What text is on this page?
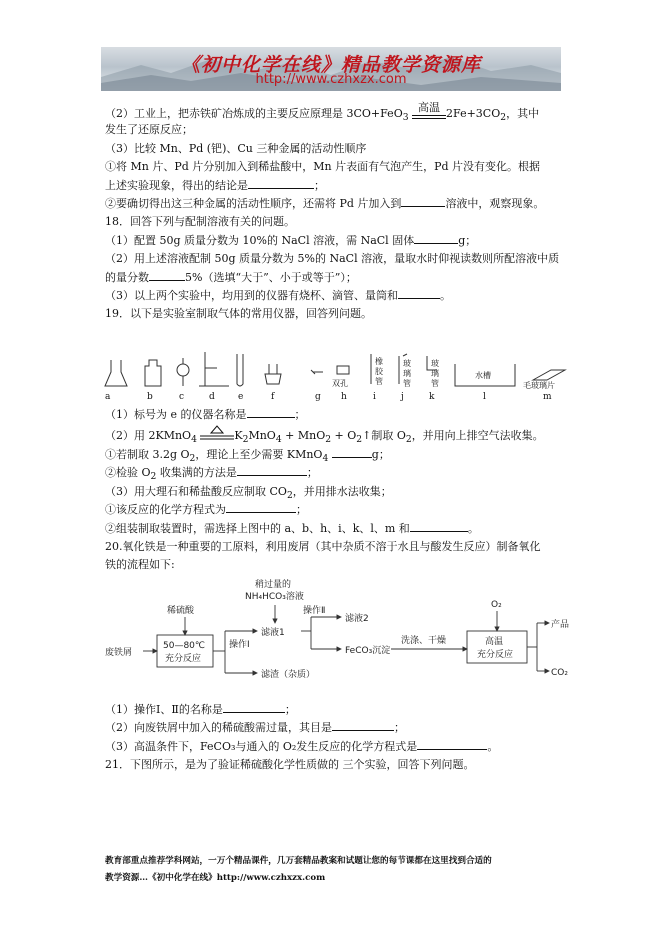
《初中化学在线》精品教学资源库
http://www.czhxzx.com
（2）工业上，把赤铁矿冶炼成的主要反应原理是 3CO+FeO$_3$
高温 $2Fe+3CO_2$，其中
发生了还原反应；
（3）比较 Mn、Pd (钯)、Cu 三种金属的活动性顺序
①将 Mn 片、Pd 片分别加入到稀盐酸中，Mn 片表面有气泡产生，Pd 片没有变化。根据
上述实验现象，得出的结论是	；
②要确切得出这三种金属的活动性顺序，还需将 Pd 片加入到	溶液中，观察现象。
18．回答下列与配制溶液有关的问题。
（1）配置 50g 质量分数为 10%的 NaCl 溶液，需 NaCl 固体	g；
（2）用上述溶液配制 50g 质量分数为 5%的 NaCl 溶液，量取水时仰视读数则所配溶液中质
的量分数	5%（选填“大于”、小于或等于”）；
（3）以上两个实验中，均用到的仪器有烧杯、滴管、量筒和	。
19．以下是实验室制取气体的常用仪器，回答列问题。
双孔
橡
胶
管
玻
璃
管
玻
璃
管
水槽
毛玻璃片
a	b	c	d	e	f	g h	i	j	k	l	m
（1）标号为 e 的仪器名称是	；
（2）用 2KMnO$_4$	$K_2MnO_4 + MnO_2$ + $O_2↑$制取 $O_2$，并用向上排空气法收集。
①若制取 3.2g $O_2$，理论上至少需要 KMnO$_4$	g；
②检验 $O_2$ 收集满的方法是	；
（3）用大理石和稀盐酸反应制取 $CO_2$，并用排水法收集；
①该反应的化学方程式为	；
②组装制取装置时，需选择上图中的 a、b、h、i、k、l、m 和	。
20.氧化铁是一种重要的工原料，利用废屑（其中杂质不溶于水且与酸发生反应）制备氧化
铁的流程如下:
废铁屑
稀硫酸
50—80℃
充分反应
操作Ⅰ
稍过量的
NH₄HCO₃溶液
滤液1
操作Ⅱ
滤液2
滤渣（杂质）
FeCO₃沉淀
洗涤、干燥
O₂
高温
充分反应
产品
CO₂
（1）操作Ⅰ、Ⅱ的名称是	；
（2）向废铁屑中加入的稀硫酸需过量，其目是	；
（3）高温条件下，FeCO₃与通入的 O₂发生反应的化学方程式是	。
21．下图所示，是为了验证稀硫酸化学性质做的 三个实验，回答下列问题。
教育部重点推荐学科网站，一万个精品课件，几万套精品教案和试题让您的每节课都在这里找到合适的
教学资源…《初中化学在线》http://www.czhxzx.com
